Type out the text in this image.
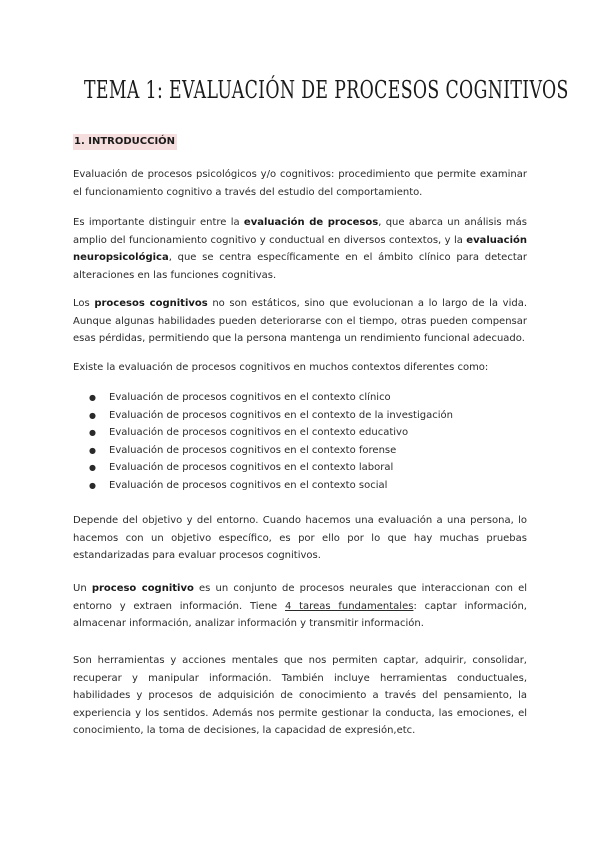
TEMA 1: EVALUACIÓN DE PROCESOS COGNITIVOS
1. INTRODUCCIÓN

Evaluación de procesos psicológicos y/o cognitivos: procedimiento que permite examinar el funcionamiento cognitivo a través del estudio del comportamiento.

Es importante distinguir entre la evaluación de procesos, que abarca un análisis más amplio del funcionamiento cognitivo y conductual en diversos contextos, y la evaluación neuropsicológica, que se centra específicamente en el ámbito clínico para detectar alteraciones en las funciones cognitivas.

Los procesos cognitivos no son estáticos, sino que evolucionan a lo largo de la vida. Aunque algunas habilidades pueden deteriorarse con el tiempo, otras pueden compensar esas pérdidas, permitiendo que la persona mantenga un rendimiento funcional adecuado.

Existe la evaluación de procesos cognitivos en muchos contextos diferentes como:

● Evaluación de procesos cognitivos en el contexto clínico
● Evaluación de procesos cognitivos en el contexto de la investigación
● Evaluación de procesos cognitivos en el contexto educativo
● Evaluación de procesos cognitivos en el contexto forense
● Evaluación de procesos cognitivos en el contexto laboral
● Evaluación de procesos cognitivos en el contexto social

Depende del objetivo y del entorno. Cuando hacemos una evaluación a una persona, lo hacemos con un objetivo específico, es por ello por lo que hay muchas pruebas estandarizadas para evaluar procesos cognitivos.

Un proceso cognitivo es un conjunto de procesos neurales que interaccionan con el entorno y extraen información. Tiene 4 tareas fundamentales: captar información, almacenar información, analizar información y transmitir información.

Son herramientas y acciones mentales que nos permiten captar, adquirir, consolidar, recuperar y manipular información. También incluye herramientas conductuales, habilidades y procesos de adquisición de conocimiento a través del pensamiento, la experiencia y los sentidos. Además nos permite gestionar la conducta, las emociones, el conocimiento, la toma de decisiones, la capacidad de expresión,etc.
